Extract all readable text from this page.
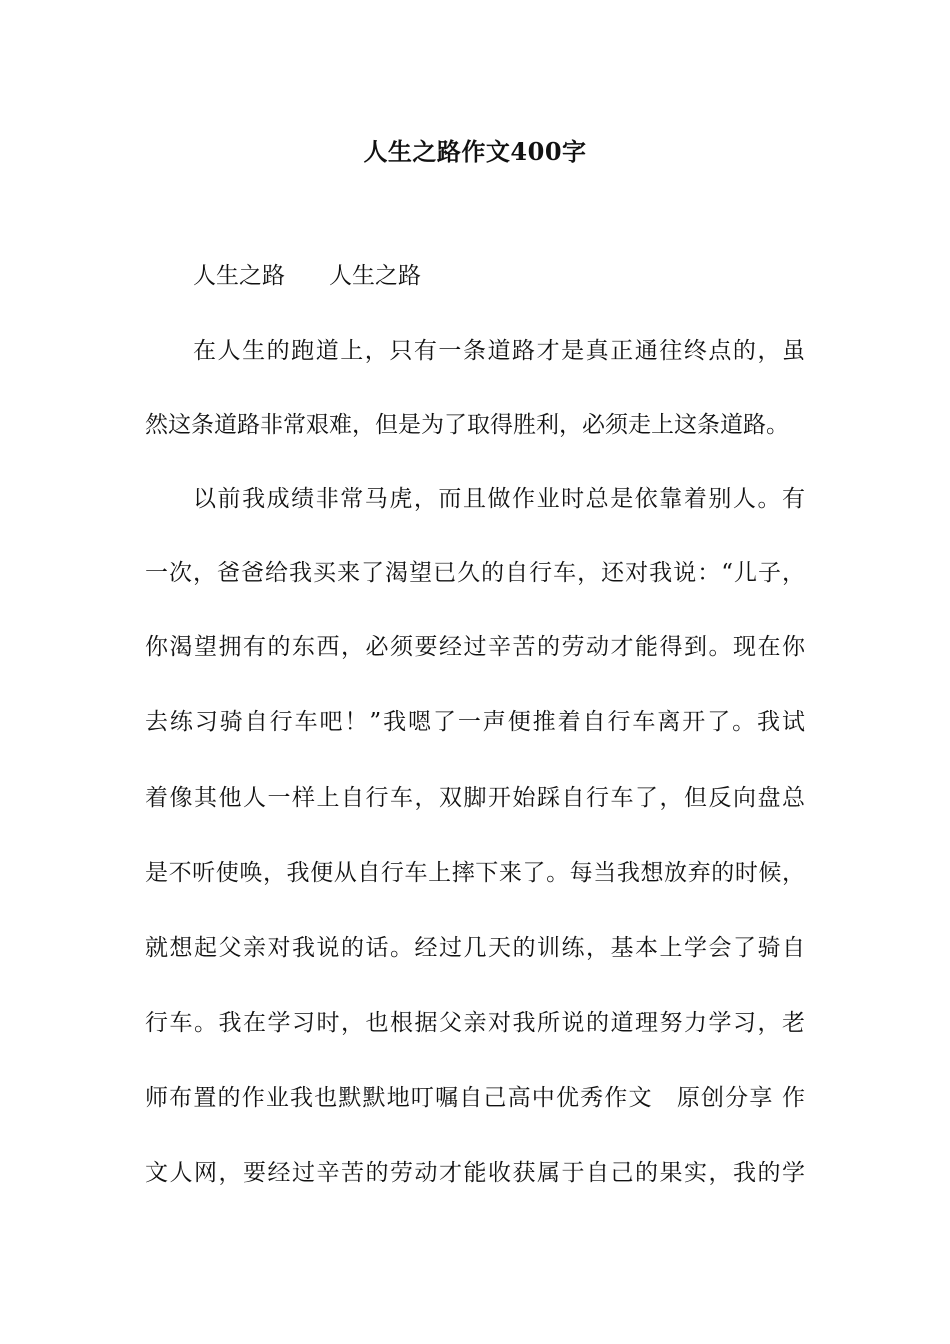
人生之路作文400字
人生之路 人生之路
在人生的跑道上，只有一条道路才是真正通往终点的，虽
然这条道路非常艰难，但是为了取得胜利，必须走上这条道路。
以前我成绩非常马虎，而且做作业时总是依靠着别人。有
一次，爸爸给我买来了渴望已久的自行车，还对我说：“儿子，
你渴望拥有的东西，必须要经过辛苦的劳动才能得到。现在你
去练习骑自行车吧！”我嗯了一声便推着自行车离开了。我试
着像其他人一样上自行车，双脚开始踩自行车了，但反向盘总
是不听使唤，我便从自行车上摔下来了。每当我想放弃的时候，
就想起父亲对我说的话。经过几天的训练，基本上学会了骑自
行车。我在学习时，也根据父亲对我所说的道理努力学习，老
师布置的作业我也默默地叮嘱自己高中优秀作文　原创分享 作
文人网，要经过辛苦的劳动才能收获属于自己的果实，我的学
